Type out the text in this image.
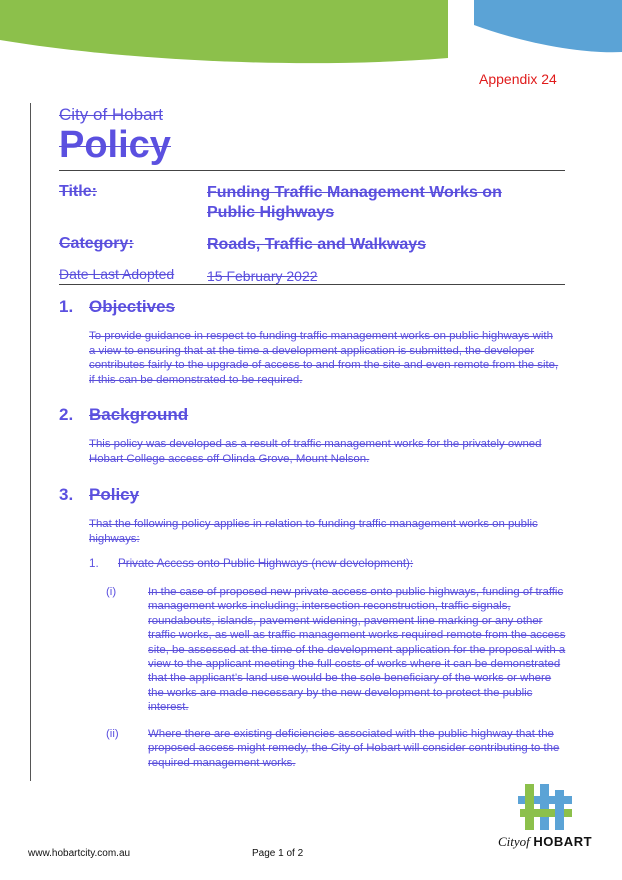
Appendix 24
City of Hobart
Policy
Title:	Funding Traffic Management Works on Public Highways
Category:	Roads, Traffic and Walkways
Date Last Adopted	15 February 2022
1. Objectives
To provide guidance in respect to funding traffic management works on public highways with a view to ensuring that at the time a development application is submitted, the developer contributes fairly to the upgrade of access to and from the site and even remote from the site, if this can be demonstrated to be required.
2. Background
This policy was developed as a result of traffic management works for the privately owned Hobart College access off Olinda Grove, Mount Nelson.
3. Policy
That the following policy applies in relation to funding traffic management works on public highways:
1. Private Access onto Public Highways (new development):
(i)	In the case of proposed new private access onto public highways, funding of traffic management works including; intersection reconstruction, traffic signals, roundabouts, islands, pavement widening, pavement line marking or any other traffic works, as well as traffic management works required remote from the access site, be assessed at the time of the development application for the proposal with a view to the applicant meeting the full costs of works where it can be demonstrated that the applicant’s land use would be the sole beneficiary of the works or where the works are made necessary by the new development to protect the public interest.
(ii)	Where there are existing deficiencies associated with the public highway that the proposed access might remedy, the City of Hobart will consider contributing to the required management works.
Cityof HOBART
www.hobartcity.com.au	Page 1 of 2
